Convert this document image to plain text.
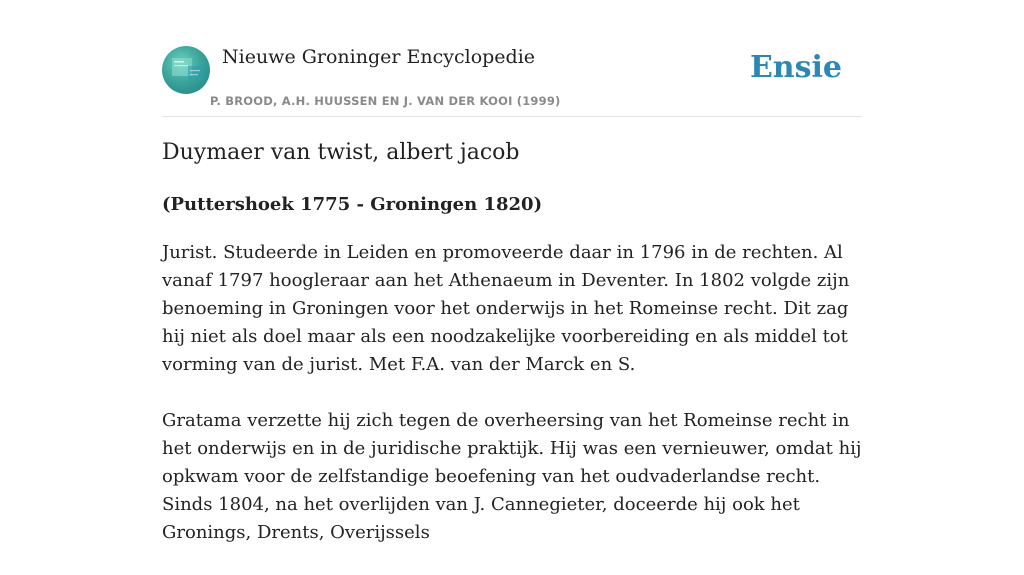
Nieuwe Groninger Encyclopedie
P. BROOD, A.H. HUUSSEN EN J. VAN DER KOOI (1999)
Ensie
Duymaer van twist, albert jacob
(Puttershoek 1775 - Groningen 1820)

Jurist. Studeerde in Leiden en promoveerde daar in 1796 in de rechten. Al vanaf 1797 hoogleraar aan het Athenaeum in Deventer. In 1802 volgde zijn benoeming in Groningen voor het onderwijs in het Romeinse recht. Dit zag hij niet als doel maar als een noodzakelijke voorbereiding en als middel tot vorming van de jurist. Met F.A. van der Marck en S.

Gratama verzette hij zich tegen de overheersing van het Romeinse recht in het onderwijs en in de juridische praktijk. Hij was een vernieuwer, omdat hij opkwam voor de zelfstandige beoefening van het oudvaderlandse recht. Sinds 1804, na het overlijden van J. Cannegieter, doceerde hij ook het Gronings, Drents, Overijssels
